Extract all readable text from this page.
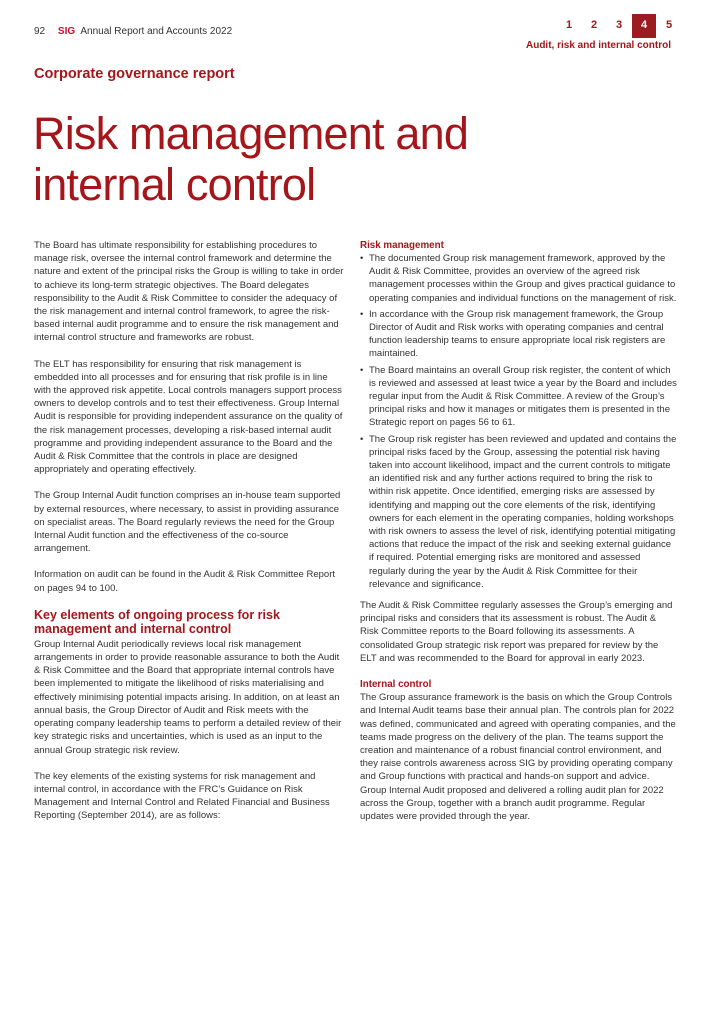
92 SIG Annual Report and Accounts 2022
1	2	3	4	5
Audit, risk and internal control
Corporate governance report
Risk management and internal control

The Board has ultimate responsibility for establishing procedures to manage risk, oversee the internal control framework and determine the nature and extent of the principal risks the Group is willing to take in order to achieve its long-term strategic objectives. The Board delegates responsibility to the Audit & Risk Committee to consider the adequacy of the risk management and internal control framework, to agree the risk-based internal audit programme and to ensure the risk management and internal control structure and frameworks are robust.

The ELT has responsibility for ensuring that risk management is embedded into all processes and for ensuring that risk profile is in line with the approved risk appetite. Local controls managers support process owners to develop controls and to test their effectiveness. Group Internal Audit is responsible for providing independent assurance on the quality of the risk management processes, developing a risk-based internal audit programme and providing independent assurance to the Board and the Audit & Risk Committee that the controls in place are designed appropriately and operating effectively.

The Group Internal Audit function comprises an in-house team supported by external resources, where necessary, to assist in providing assurance on specialist areas. The Board regularly reviews the need for the Group Internal Audit function and the effectiveness of the co-source arrangement.

Information on audit can be found in the Audit & Risk Committee Report on pages 94 to 100.

Key elements of ongoing process for risk management and internal control

Group Internal Audit periodically reviews local risk management arrangements in order to provide reasonable assurance to both the Audit & Risk Committee and the Board that appropriate internal controls have been implemented to mitigate the likelihood of risks materialising and effectively minimising potential impacts arising. In addition, on at least an annual basis, the Group Director of Audit and Risk meets with the operating company leadership teams to perform a detailed review of their key strategic risks and uncertainties, which is used as an input to the annual Group strategic risk review.

The key elements of the existing systems for risk management and internal control, in accordance with the FRC’s Guidance on Risk Management and Internal Control and Related Financial and Business Reporting (September 2014), are as follows:

Risk management
• The documented Group risk management framework, approved by the Audit & Risk Committee, provides an overview of the agreed risk management processes within the Group and gives practical guidance to operating companies and individual functions on the management of risk.
• In accordance with the Group risk management framework, the Group Director of Audit and Risk works with operating companies and central function leadership teams to ensure appropriate local risk registers are maintained.
• The Board maintains an overall Group risk register, the content of which is reviewed and assessed at least twice a year by the Board and includes regular input from the Audit & Risk Committee. A review of the Group’s principal risks and how it manages or mitigates them is presented in the Strategic report on pages 56 to 61.
• The Group risk register has been reviewed and updated and contains the principal risks faced by the Group, assessing the potential risk having taken into account likelihood, impact and the current controls to mitigate an identified risk and any further actions required to bring the risk to within risk appetite. Once identified, emerging risks are assessed by identifying and mapping out the core elements of the risk, identifying owners for each element in the operating companies, holding workshops with risk owners to assess the level of risk, identifying potential mitigating actions that reduce the impact of the risk and seeking external guidance if required. Potential emerging risks are monitored and assessed regularly during the year by the Audit & Risk Committee for their relevance and significance.

The Audit & Risk Committee regularly assesses the Group’s emerging and principal risks and considers that its assessment is robust. The Audit & Risk Committee reports to the Board following its assessments. A consolidated Group strategic risk report was prepared for review by the ELT and was recommended to the Board for approval in early 2023.

Internal control

The Group assurance framework is the basis on which the Group Controls and Internal Audit teams base their annual plan. The controls plan for 2022 was defined, communicated and agreed with operating companies, and the teams made progress on the delivery of the plan. The teams support the creation and maintenance of a robust financial control environment, and they raise controls awareness across SIG by providing operating company and Group functions with practical and hands-on support and advice. Group Internal Audit proposed and delivered a rolling audit plan for 2022 across the Group, together with a branch audit programme. Regular updates were provided through the year.
